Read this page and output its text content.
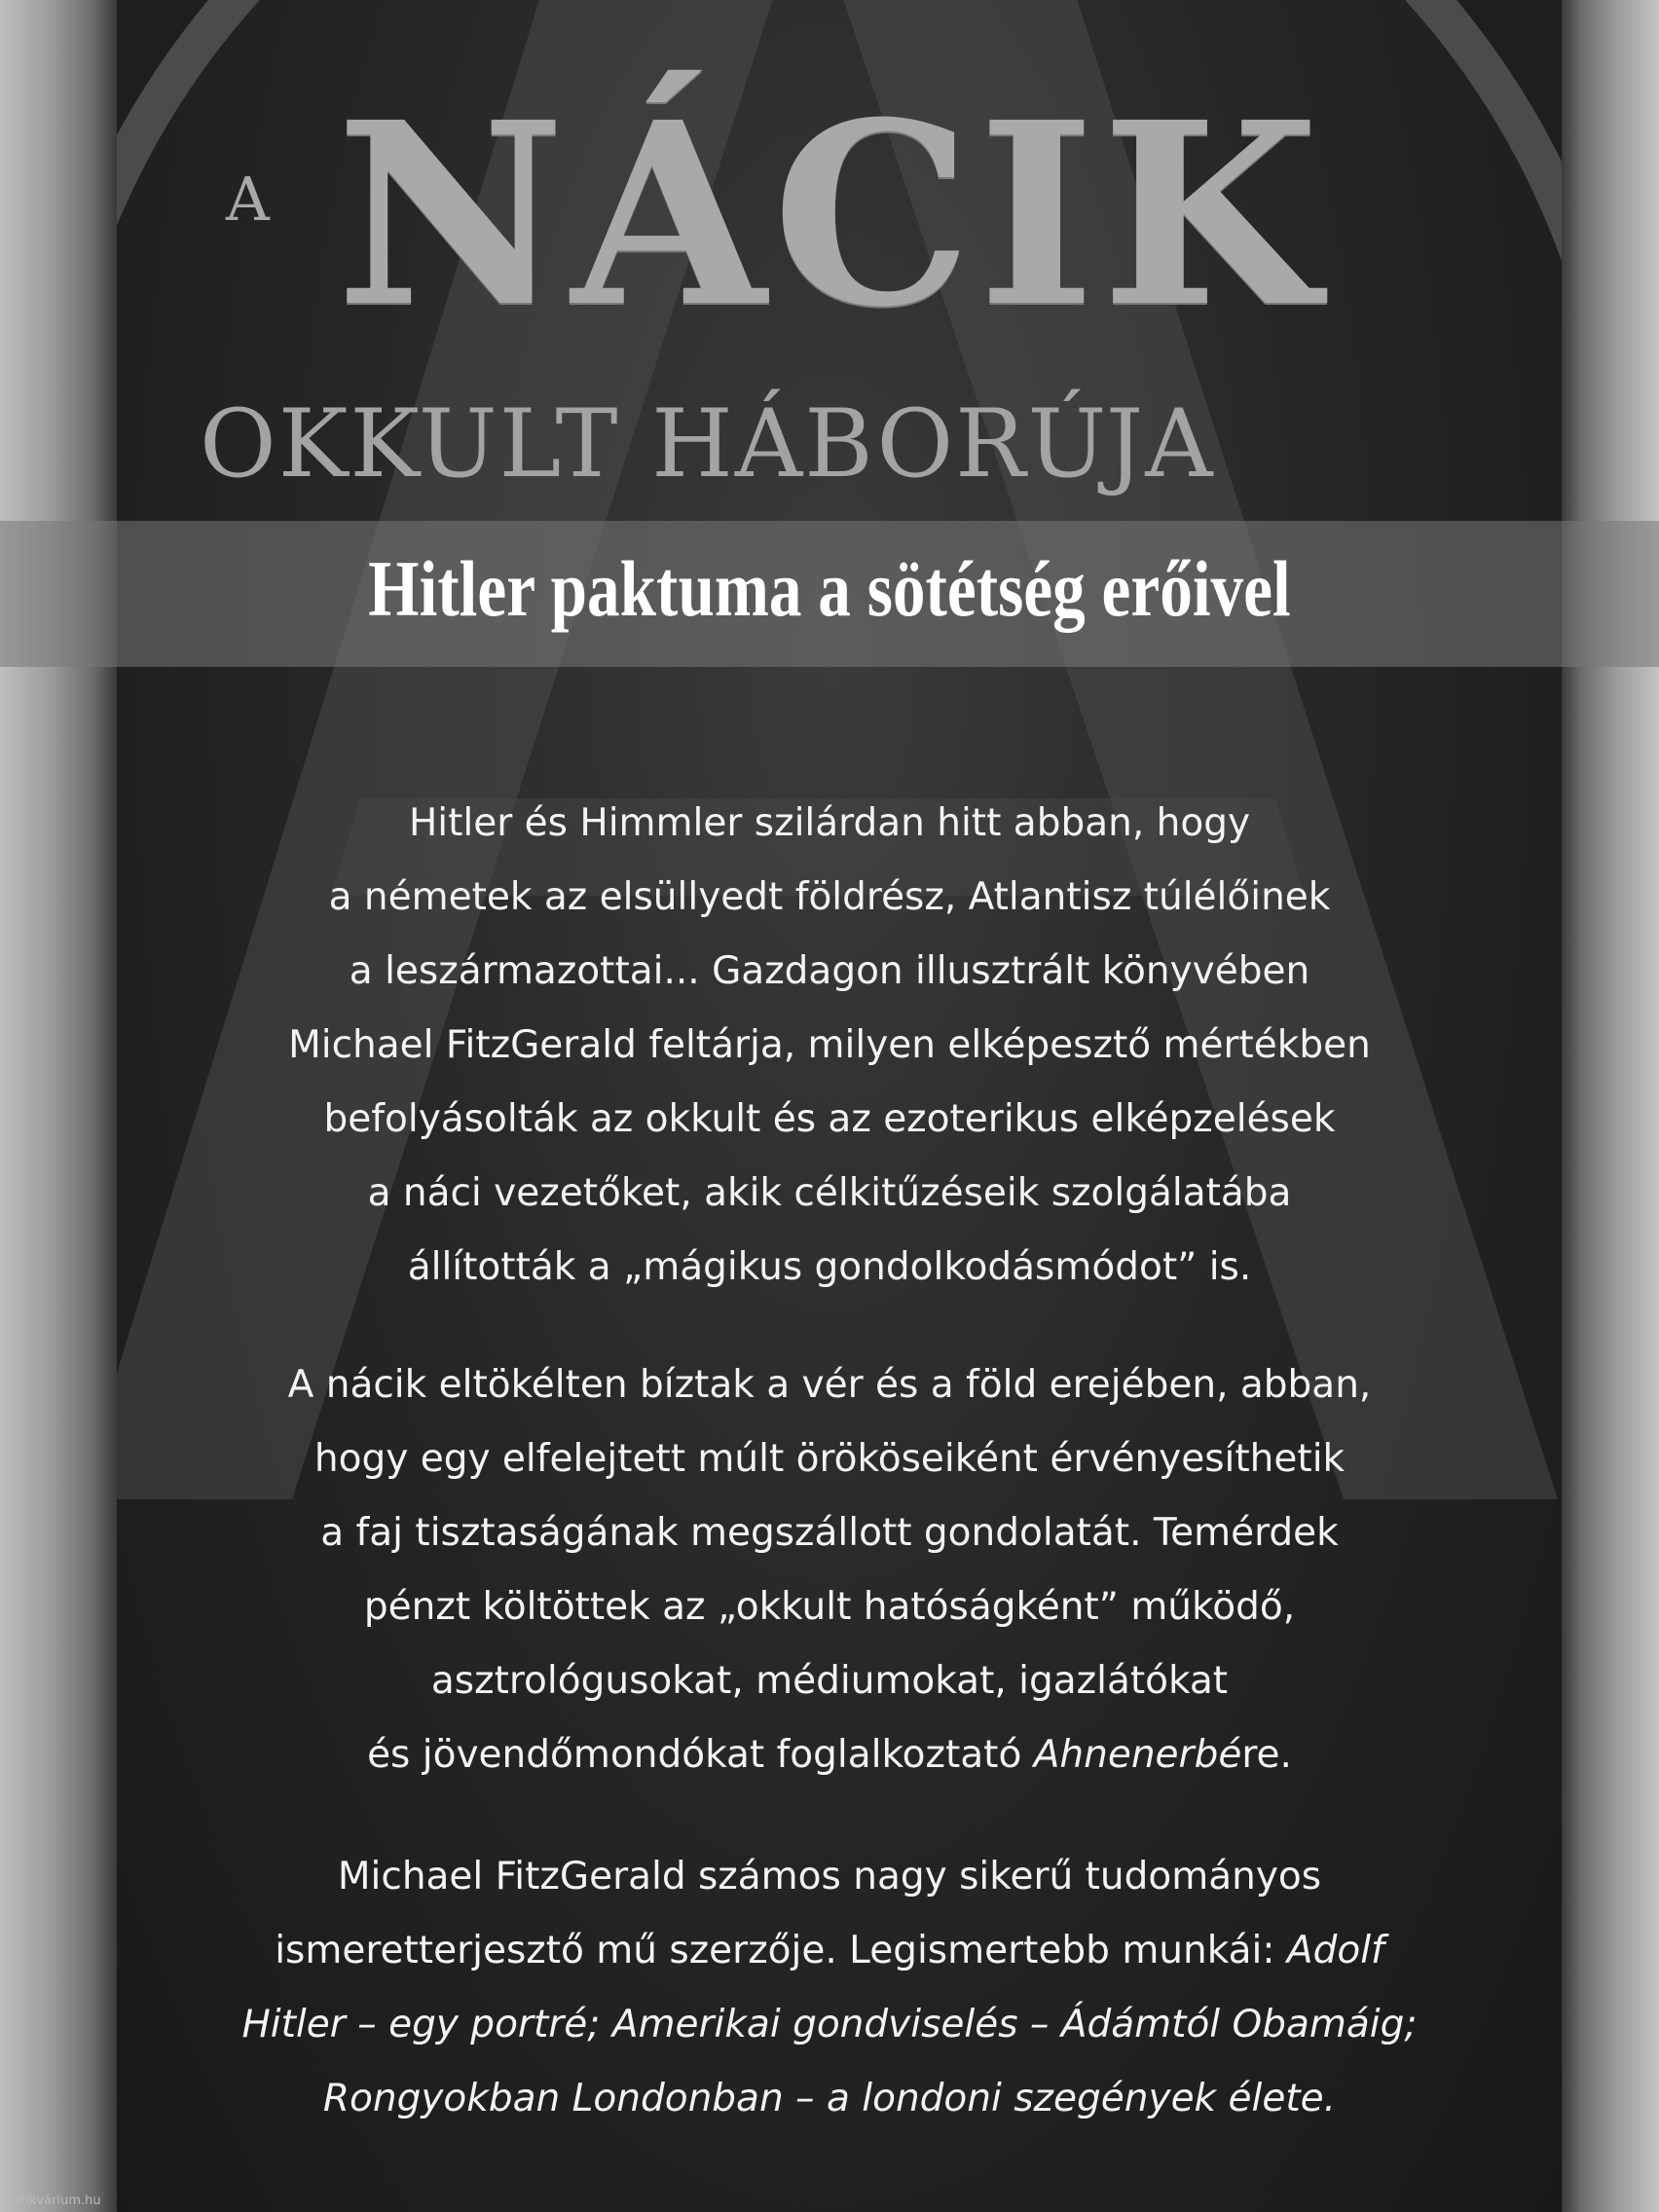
A NÁCIK
OKKULT HÁBORÚJA
Hitler paktuma a sötétség erőivel
Hitler és Himmler szilárdan hitt abban, hogy
a németek az elsüllyedt földrész, Atlantisz túlélőinek
a leszármazottai... Gazdagon illusztrált könyvében
Michael FitzGerald feltárja, milyen elképesztő mértékben
befolyásolták az okkult és az ezoterikus elképzelések
a náci vezetőket, akik célkitűzéseik szolgálatába
állították a „mágikus gondolkodásmódot” is.
A nácik eltökélten bíztak a vér és a föld erejében, abban,
hogy egy elfelejtett múlt örököseiként érvényesíthetik
a faj tisztaságának megszállott gondolatát. Temérdek
pénzt költöttek az „okkult hatóságként” működő,
asztrológusokat, médiumokat, igazlátókat
és jövendőmondókat foglalkoztató Ahnenerbére.
Michael FitzGerald számos nagy sikerű tudományos
ismeretterjesztő mű szerzője. Legismertebb munkái: Adolf
Hitler – egy portré; Amerikai gondviselés – Ádámtól Obamáig;
Rongyokban Londonban – a londoni szegények élete.
Antikvárium.hu
